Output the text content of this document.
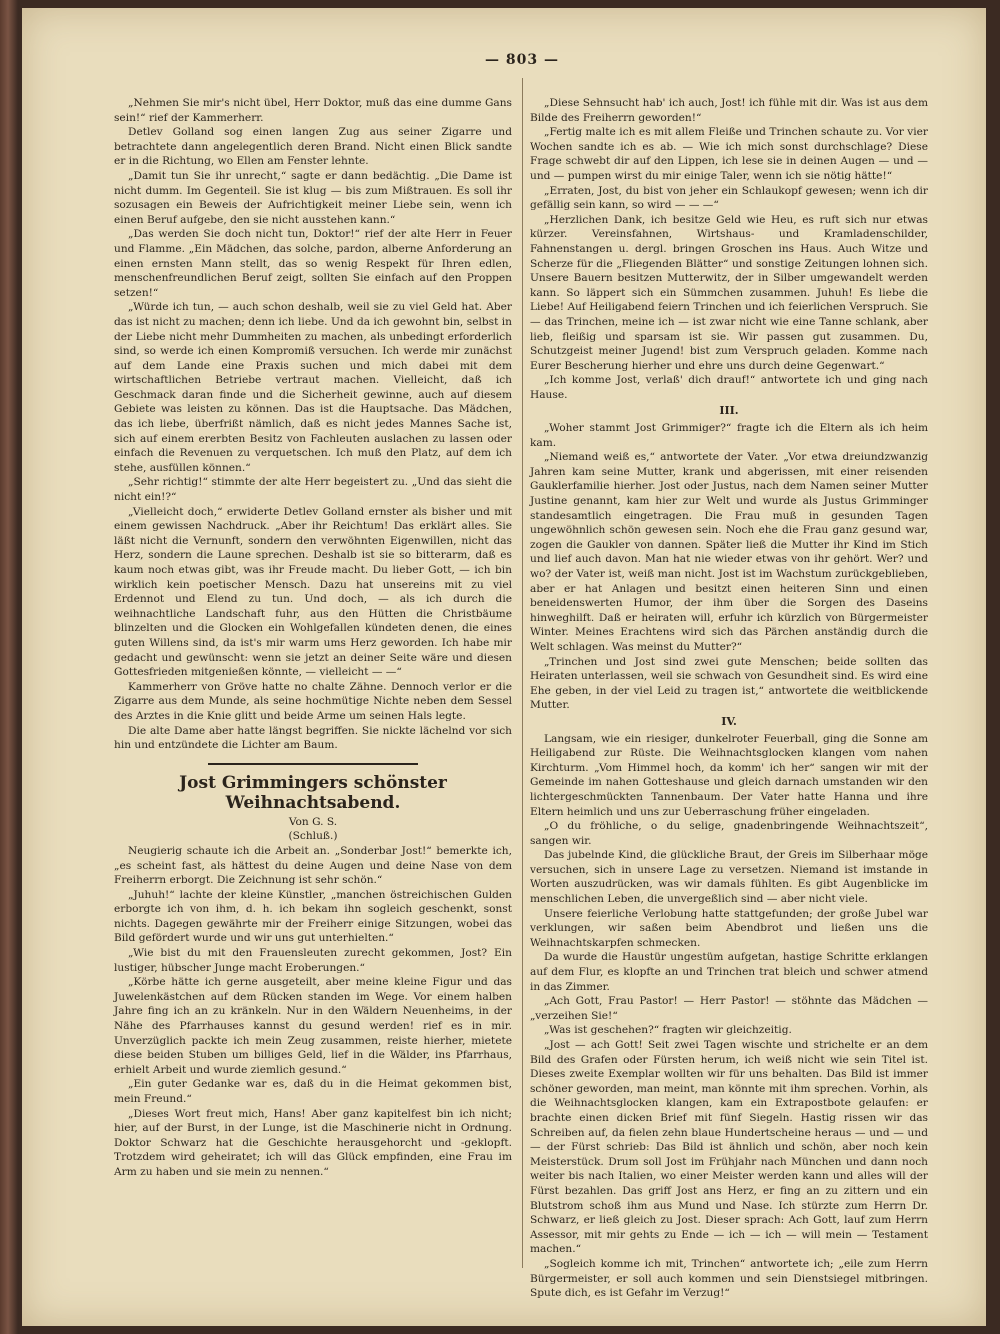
— 803 —

„Nehmen Sie mir's nicht übel, Herr Doktor, muß das eine dumme Gans sein!“ rief der Kammerherr.

Detlev Golland sog einen langen Zug aus seiner Zigarre und betrachtete dann angelegentlich deren Brand. Nicht einen Blick sandte er in die Richtung, wo Ellen am Fenster lehnte.

„Damit tun Sie ihr unrecht,“ sagte er dann bedächtig. „Die Dame ist nicht dumm. Im Gegenteil. Sie ist klug — bis zum Mißtrauen. Es soll ihr sozusagen ein Beweis der Aufrichtigkeit meiner Liebe sein, wenn ich einen Beruf aufgebe, den sie nicht ausstehen kann.“

„Das werden Sie doch nicht tun, Doktor!“ rief der alte Herr in Feuer und Flamme. „Ein Mädchen, das solche, pardon, alberne Anforderung an einen ernsten Mann stellt, das so wenig Respekt für Ihren edlen, menschenfreundlichen Beruf zeigt, sollten Sie einfach auf den Proppen setzen!“

„Würde ich tun, — auch schon deshalb, weil sie zu viel Geld hat. Aber das ist nicht zu machen; denn ich liebe. Und da ich gewohnt bin, selbst in der Liebe nicht mehr Dummheiten zu machen, als unbedingt erforderlich sind, so werde ich einen Kompromiß versuchen. Ich werde mir zunächst auf dem Lande eine Praxis suchen und mich dabei mit dem wirtschaftlichen Betriebe vertraut machen. Vielleicht, daß ich Geschmack daran finde und die Sicherheit gewinne, auch auf diesem Gebiete was leisten zu können. Das ist die Hauptsache. Das Mädchen, das ich liebe, überfrißt nämlich, daß es nicht jedes Mannes Sache ist, sich auf einem ererbten Besitz von Fachleuten auslachen zu lassen oder einfach die Revenuen zu verquetschen. Ich muß den Platz, auf dem ich stehe, ausfüllen können.“

„Sehr richtig!“ stimmte der alte Herr begeistert zu. „Und das sieht die nicht ein!?“

„Vielleicht doch,“ erwiderte Detlev Golland ernster als bisher und mit einem gewissen Nachdruck. „Aber ihr Reichtum! Das erklärt alles. Sie läßt nicht die Vernunft, sondern den verwöhnten Eigenwillen, nicht das Herz, sondern die Laune sprechen. Deshalb ist sie so bitterarm, daß es kaum noch etwas gibt, was ihr Freude macht. Du lieber Gott, — ich bin wirklich kein poetischer Mensch. Dazu hat unsereins mit zu viel Erdennot und Elend zu tun. Und doch, — als ich durch die weihnachtliche Landschaft fuhr, aus den Hütten die Christbäume blinzelten und die Glocken ein Wohlgefallen kündeten denen, die eines guten Willens sind, da ist's mir warm ums Herz geworden. Ich habe mir gedacht und gewünscht: wenn sie jetzt an deiner Seite wäre und diesen Gottesfrieden mitgenießen könnte, — vielleicht — —“

Kammerherr von Gröve hatte no chalte Zähne. Dennoch verlor er die Zigarre aus dem Munde, als seine hochmütige Nichte neben dem Sessel des Arztes in die Knie glitt und beide Arme um seinen Hals legte.

Die alte Dame aber hatte längst begriffen. Sie nickte lächelnd vor sich hin und entzündete die Lichter am Baum.

Jost Grimmingers schönster Weihnachtsabend.
Von G. S.
(Schluß.)

Neugierig schaute ich die Arbeit an. „Sonderbar Jost!“ bemerkte ich, „es scheint fast, als hättest du deine Augen und deine Nase von dem Freiherrn erborgt. Die Zeichnung ist sehr schön.“

„Juhuh!“ lachte der kleine Künstler, „manchen östreichischen Gulden erborgte ich von ihm, d. h. ich bekam ihn sogleich geschenkt, sonst nichts. Dagegen gewährte mir der Freiherr einige Sitzungen, wobei das Bild gefördert wurde und wir uns gut unterhielten.“

„Wie bist du mit den Frauensleuten zurecht gekommen, Jost? Ein lustiger, hübscher Junge macht Eroberungen.“

„Körbe hätte ich gerne ausgeteilt, aber meine kleine Figur und das Juwelenkästchen auf dem Rücken standen im Wege. Vor einem halben Jahre fing ich an zu kränkeln. Nur in den Wäldern Neuenheims, in der Nähe des Pfarrhauses kannst du gesund werden! rief es in mir. Unverzüglich packte ich mein Zeug zusammen, reiste hierher, mietete diese beiden Stuben um billiges Geld, lief in die Wälder, ins Pfarrhaus, erhielt Arbeit und wurde ziemlich gesund.“

„Ein guter Gedanke war es, daß du in die Heimat gekommen bist, mein Freund.“

„Dieses Wort freut mich, Hans! Aber ganz kapitelfest bin ich nicht; hier, auf der Burst, in der Lunge, ist die Maschinerie nicht in Ordnung. Doktor Schwarz hat die Geschichte herausgehorcht und -geklopft. Trotzdem wird geheiratet; ich will das Glück empfinden, eine Frau im Arm zu haben und sie mein zu nennen.“

„Diese Sehnsucht hab' ich auch, Jost! ich fühle mit dir. Was ist aus dem Bilde des Freiherrn geworden!“

„Fertig malte ich es mit allem Fleiße und Trinchen schaute zu. Vor vier Wochen sandte ich es ab. — Wie ich mich sonst durchschlage? Diese Frage schwebt dir auf den Lippen, ich lese sie in deinen Augen — und — und — pumpen wirst du mir einige Taler, wenn ich sie nötig hätte!“

„Erraten, Jost, du bist von jeher ein Schlaukopf gewesen; wenn ich dir gefällig sein kann, so wird — — —“

„Herzlichen Dank, ich besitze Geld wie Heu, es ruft sich nur etwas kürzer. Vereinsfahnen, Wirtshaus- und Kramladenschilder, Fahnenstangen u. dergl. bringen Groschen ins Haus. Auch Witze und Scherze für die „Fliegenden Blätter“ und sonstige Zeitungen lohnen sich. Unsere Bauern besitzen Mutterwitz, der in Silber umgewandelt werden kann. So läppert sich ein Sümmchen zusammen. Juhuh! Es liebe die Liebe! Auf Heiligabend feiern Trinchen und ich feierlichen Verspruch. Sie — das Trinchen, meine ich — ist zwar nicht wie eine Tanne schlank, aber lieb, fleißig und sparsam ist sie. Wir passen gut zusammen. Du, Schutzgeist meiner Jugend! bist zum Verspruch geladen. Komme nach Eurer Bescherung hierher und ehre uns durch deine Gegenwart.“

„Ich komme Jost, verlaß' dich drauf!“ antwortete ich und ging nach Hause.

III.

„Woher stammt Jost Grimmiger?“ fragte ich die Eltern als ich heim kam.

„Niemand weiß es,“ antwortete der Vater. „Vor etwa dreiundzwanzig Jahren kam seine Mutter, krank und abgerissen, mit einer reisenden Gauklerfamilie hierher. Jost oder Justus, nach dem Namen seiner Mutter Justine genannt, kam hier zur Welt und wurde als Justus Grimminger standesamtlich eingetragen. Die Frau muß in gesunden Tagen ungewöhnlich schön gewesen sein. Noch ehe die Frau ganz gesund war, zogen die Gaukler von dannen. Später ließ die Mutter ihr Kind im Stich und lief auch davon. Man hat nie wieder etwas von ihr gehört. Wer? und wo? der Vater ist, weiß man nicht. Jost ist im Wachstum zurückgeblieben, aber er hat Anlagen und besitzt einen heiteren Sinn und einen beneidenswerten Humor, der ihm über die Sorgen des Daseins hinweghilft. Daß er heiraten will, erfuhr ich kürzlich von Bürgermeister Winter. Meines Erachtens wird sich das Pärchen anständig durch die Welt schlagen. Was meinst du Mutter?“

„Trinchen und Jost sind zwei gute Menschen; beide sollten das Heiraten unterlassen, weil sie schwach von Gesundheit sind. Es wird eine Ehe geben, in der viel Leid zu tragen ist,“ antwortete die weitblickende Mutter.

IV.

Langsam, wie ein riesiger, dunkelroter Feuerball, ging die Sonne am Heiligabend zur Rüste. Die Weihnachtsglocken klangen vom nahen Kirchturm. „Vom Himmel hoch, da komm' ich her“ sangen wir mit der Gemeinde im nahen Gotteshause und gleich darnach umstanden wir den lichtergeschmückten Tannenbaum. Der Vater hatte Hanna und ihre Eltern heimlich und uns zur Ueberraschung früher eingeladen.

„O du fröhliche, o du selige, gnadenbringende Weihnachtszeit“, sangen wir.

Das jubelnde Kind, die glückliche Braut, der Greis im Silberhaar möge versuchen, sich in unsere Lage zu versetzen. Niemand ist imstande in Worten auszudrücken, was wir damals fühlten. Es gibt Augenblicke im menschlichen Leben, die unvergeßlich sind — aber nicht viele.

Unsere feierliche Verlobung hatte stattgefunden; der große Jubel war verklungen, wir saßen beim Abendbrot und ließen uns die Weihnachtskarpfen schmecken.

Da wurde die Haustür ungestüm aufgetan, hastige Schritte erklangen auf dem Flur, es klopfte an und Trinchen trat bleich und schwer atmend in das Zimmer.

„Ach Gott, Frau Pastor! — Herr Pastor! — stöhnte das Mädchen — „verzeihen Sie!“

„Was ist geschehen?“ fragten wir gleichzeitig.

„Jost — ach Gott! Seit zwei Tagen wischte und strichelte er an dem Bild des Grafen oder Fürsten herum, ich weiß nicht wie sein Titel ist. Dieses zweite Exemplar wollten wir für uns behalten. Das Bild ist immer schöner geworden, man meint, man könnte mit ihm sprechen. Vorhin, als die Weihnachtsglocken klangen, kam ein Extrapostbote gelaufen: er brachte einen dicken Brief mit fünf Siegeln. Hastig rissen wir das Schreiben auf, da fielen zehn blaue Hundertscheine heraus — und — und — der Fürst schrieb: Das Bild ist ähnlich und schön, aber noch kein Meisterstück. Drum soll Jost im Frühjahr nach München und dann noch weiter bis nach Italien, wo einer Meister werden kann und alles will der Fürst bezahlen. Das griff Jost ans Herz, er fing an zu zittern und ein Blutstrom schoß ihm aus Mund und Nase. Ich stürzte zum Herrn Dr. Schwarz, er ließ gleich zu Jost. Dieser sprach: Ach Gott, lauf zum Herrn Assessor, mit mir gehts zu Ende — ich — ich — will mein — Testament machen.“

„Sogleich komme ich mit, Trinchen“ antwortete ich; „eile zum Herrn Bürgermeister, er soll auch kommen und sein Dienstsiegel mitbringen. Spute dich, es ist Gefahr im Verzug!“
